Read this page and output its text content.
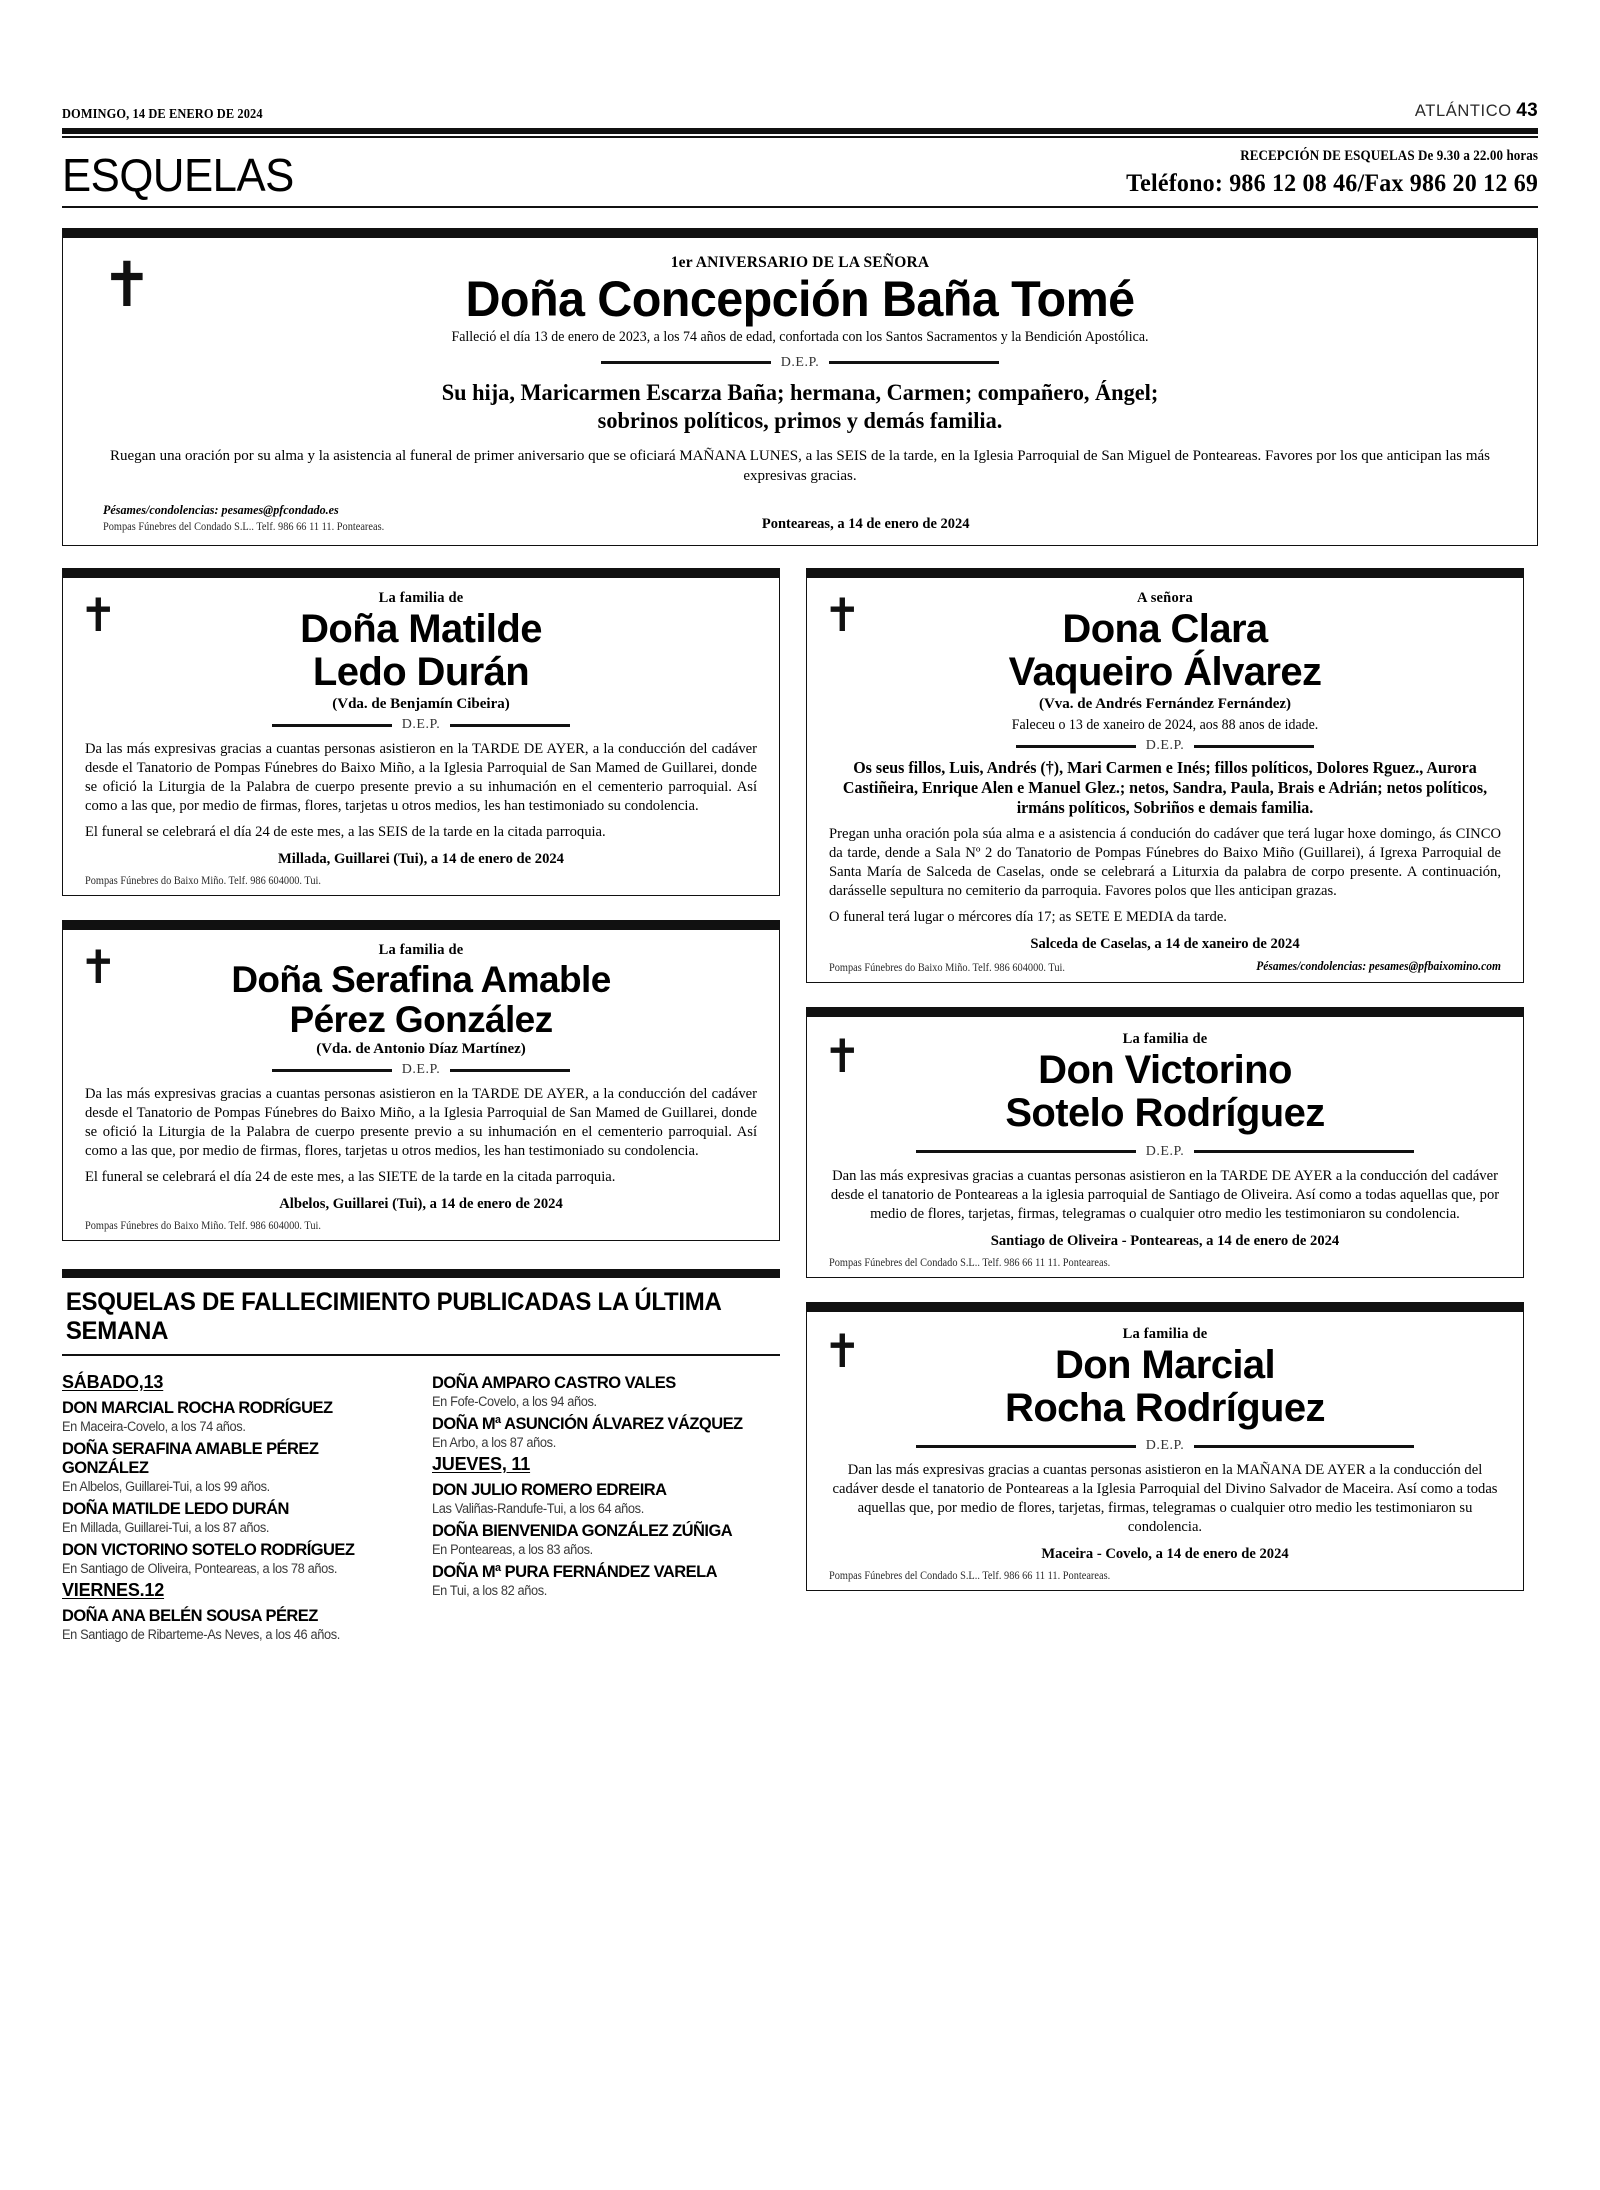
DOMINGO, 14 DE ENERO DE 2024	ATLÁNTICO 43
ESQUELAS	RECEPCIÓN DE ESQUELAS De 9.30 a 22.00 horas
Teléfono: 986 12 08 46/Fax 986 20 12 69
✝	1er ANIVERSARIO DE LA SEÑORA
Doña Concepción Baña Tomé
Falleció el día 13 de enero de 2023, a los 74 años de edad, confortada con los Santos Sacramentos y la Bendición Apostólica.
D.E.P.
Su hija, Maricarmen Escarza Baña; hermana, Carmen; compañero, Ángel;
sobrinos políticos, primos y demás familia.
Ruegan una oración por su alma y la asistencia al funeral de primer aniversario que se oficiará MAÑANA LUNES, a las SEIS de la tarde, en la Iglesia Parroquial de San Miguel de Ponteareas. Favores por los que anticipan las más expresivas gracias.
Pésames/condolencias: pesames@pfcondado.es
Pompas Fúnebres del Condado S.L.. Telf. 986 66 11 11. Ponteareas.	Ponteareas, a 14 de enero de 2024
✝	La familia de
Doña Matilde
Ledo Durán
(Vda. de Benjamín Cibeira)
D.E.P.
Da las más expresivas gracias a cuantas personas asistieron en la TARDE DE AYER, a la conducción del cadáver desde el Tanatorio de Pompas Fúnebres do Baixo Miño, a la Iglesia Parroquial de San Mamed de Guillarei, donde se ofició la Liturgia de la Palabra de cuerpo presente previo a su inhumación en el cementerio parroquial. Así como a las que, por medio de firmas, flores, tarjetas u otros medios, les han testimoniado su condolencia.
El funeral se celebrará el día 24 de este mes, a las SEIS de la tarde en la citada parroquia.
Millada, Guillarei (Tui), a 14 de enero de 2024
Pompas Fúnebres do Baixo Miño. Telf. 986 604000. Tui.
✝	La familia de
Doña Serafina Amable
Pérez González
(Vda. de Antonio Díaz Martínez)
D.E.P.
Da las más expresivas gracias a cuantas personas asistieron en la TARDE DE AYER, a la conducción del cadáver desde el Tanatorio de Pompas Fúnebres do Baixo Miño, a la Iglesia Parroquial de San Mamed de Guillarei, donde se ofició la Liturgia de la Palabra de cuerpo presente previo a su inhumación en el cementerio parroquial. Así como a las que, por medio de firmas, flores, tarjetas u otros medios, les han testimoniado su condolencia.
El funeral se celebrará el día 24 de este mes, a las SIETE de la tarde en la citada parroquia.
Albelos, Guillarei (Tui), a 14 de enero de 2024
Pompas Fúnebres do Baixo Miño. Telf. 986 604000. Tui.
ESQUELAS DE FALLECIMIENTO PUBLICADAS LA ÚLTIMA SEMANA
SÁBADO,13
DON MARCIAL ROCHA RODRÍGUEZ
En Maceira-Covelo, a los 74 años.
DOÑA SERAFINA AMABLE PÉREZ GONZÁLEZ
En Albelos, Guillarei-Tui, a los 99 años.
DOÑA MATILDE LEDO DURÁN
En Millada, Guillarei-Tui, a los 87 años.
DON VICTORINO SOTELO RODRÍGUEZ
En Santiago de Oliveira, Ponteareas, a los 78 años.
VIERNES.12
DOÑA ANA BELÉN SOUSA PÉREZ
En Santiago de Ribarteme-As Neves, a los 46 años.
DOÑA AMPARO CASTRO VALES
En Fofe-Covelo, a los 94 años.
DOÑA Mª ASUNCIÓN ÁLVAREZ VÁZQUEZ
En Arbo, a los 87 años.
JUEVES, 11
DON JULIO ROMERO EDREIRA
Las Valiñas-Randufe-Tui, a los 64 años.
DOÑA BIENVENIDA GONZÁLEZ ZÚÑIGA
En Ponteareas, a los 83 años.
DOÑA Mª PURA FERNÁNDEZ VARELA
En Tui, a los 82 años.
✝	A señora
Dona Clara
Vaqueiro Álvarez
(Vva. de Andrés Fernández Fernández)
Faleceu o 13 de xaneiro de 2024, aos 88 anos de idade.
D.E.P.
Os seus fillos, Luis, Andrés (†), Mari Carmen e Inés; fillos políticos, Dolores Rguez., Aurora Castiñeira, Enrique Alen e Manuel Glez.; netos, Sandra, Paula, Brais e Adrián; netos políticos, irmáns políticos, Sobriños e demais familia.
Pregan unha oración pola súa alma e a asistencia á condución do cadáver que terá lugar hoxe domingo, ás CINCO da tarde, dende a Sala Nº 2 do Tanatorio de Pompas Fúnebres do Baixo Miño (Guillarei), á Igrexa Parroquial de Santa María de Salceda de Caselas, onde se celebrará a Liturxia da palabra de corpo presente. A continuación, darásselle sepultura no cemiterio da parroquia. Favores polos que lles anticipan grazas.
O funeral terá lugar o mércores día 17; as SETE E MEDIA da tarde.
Salceda de Caselas, a 14 de xaneiro de 2024
Pompas Fúnebres do Baixo Miño. Telf. 986 604000. Tui.	Pésames/condolencias: pesames@pfbaixomino.com
✝	La familia de
Don Victorino
Sotelo Rodríguez
D.E.P.
Dan las más expresivas gracias a cuantas personas asistieron en la TARDE DE AYER a la conducción del cadáver desde el tanatorio de Ponteareas a la iglesia parroquial de Santiago de Oliveira. Así como a todas aquellas que, por medio de flores, tarjetas, firmas, telegramas o cualquier otro medio les testimoniaron su condolencia.
Santiago de Oliveira - Ponteareas, a 14 de enero de 2024
Pompas Fúnebres del Condado S.L.. Telf. 986 66 11 11. Ponteareas.
✝	La familia de
Don Marcial
Rocha Rodríguez
D.E.P.
Dan las más expresivas gracias a cuantas personas asistieron en la MAÑANA DE AYER a la conducción del cadáver desde el tanatorio de Ponteareas a la Iglesia Parroquial del Divino Salvador de Maceira. Así como a todas aquellas que, por medio de flores, tarjetas, firmas, telegramas o cualquier otro medio les testimoniaron su condolencia.
Maceira - Covelo, a 14 de enero de 2024
Pompas Fúnebres del Condado S.L.. Telf. 986 66 11 11. Ponteareas.
